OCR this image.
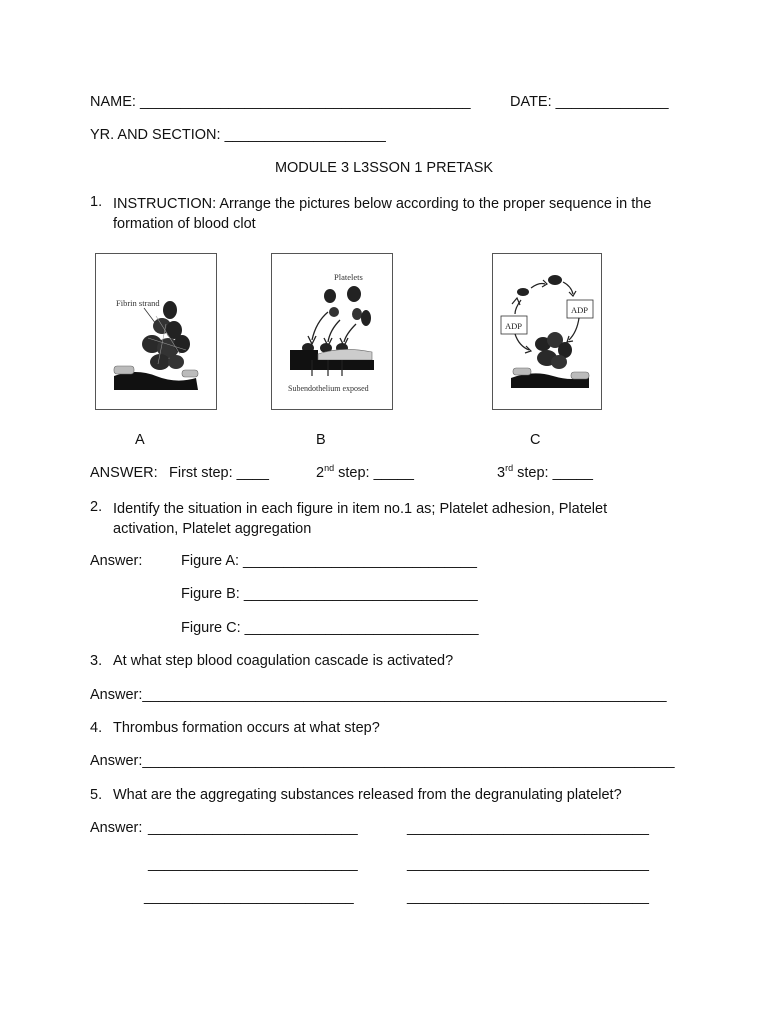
NAME: _________________________________________	DATE: ______________
YR. AND SECTION: ____________________
MODULE 3 L3SSON 1 PRETASK
1. INSTRUCTION: Arrange the pictures below according to the proper sequence in the formation of blood clot
Fibrin strand
Platelets
Subendothelium exposed
ADP
ADP
A	B	C
ANSWER: First step: ____	2nd step: _____	3rd step: _____
2. Identify the situation in each figure in item no.1 as; Platelet adhesion, Platelet activation, Platelet aggregation
Answer:	Figure A: _____________________________
Figure B: _____________________________
Figure C: _____________________________
3. At what step blood coagulation cascade is activated?
Answer:_________________________________________________________________
4. Thrombus formation occurs at what step?
Answer:__________________________________________________________________
5. What are the aggregating substances released from the degranulating platelet?
Answer: __________________________	______________________________
__________________________	______________________________
__________________________	______________________________
